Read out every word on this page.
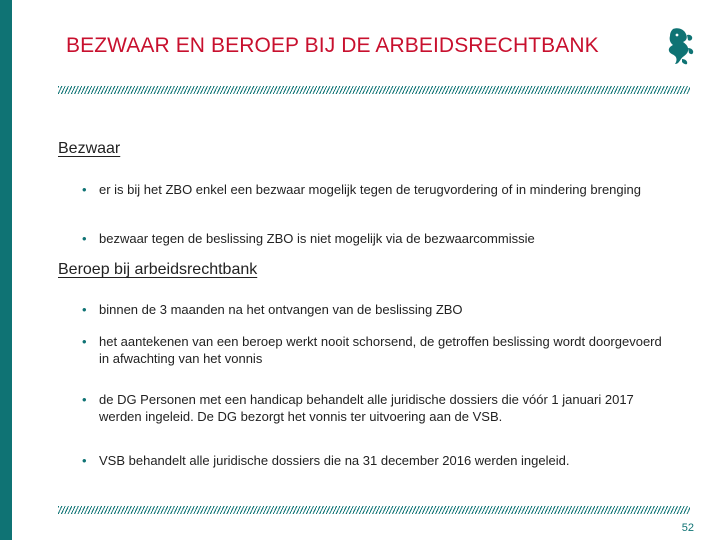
BEZWAAR EN BEROEP BIJ DE ARBEIDSRECHTBANK
Bezwaar
• er is bij het ZBO enkel een bezwaar mogelijk tegen de terugvordering of in mindering brenging
• bezwaar tegen de beslissing ZBO is niet mogelijk via de bezwaarcommissie
Beroep bij arbeidsrechtbank
• binnen de 3 maanden na het ontvangen van de beslissing ZBO
• het aantekenen van een beroep werkt nooit schorsend, de getroffen beslissing wordt doorgevoerd in afwachting van het vonnis
• de DG Personen met een handicap behandelt alle juridische dossiers die vóór 1 januari 2017 werden ingeleid. De DG bezorgt het vonnis ter uitvoering aan de VSB.
• VSB behandelt alle juridische dossiers die na 31 december 2016 werden ingeleid.
52
